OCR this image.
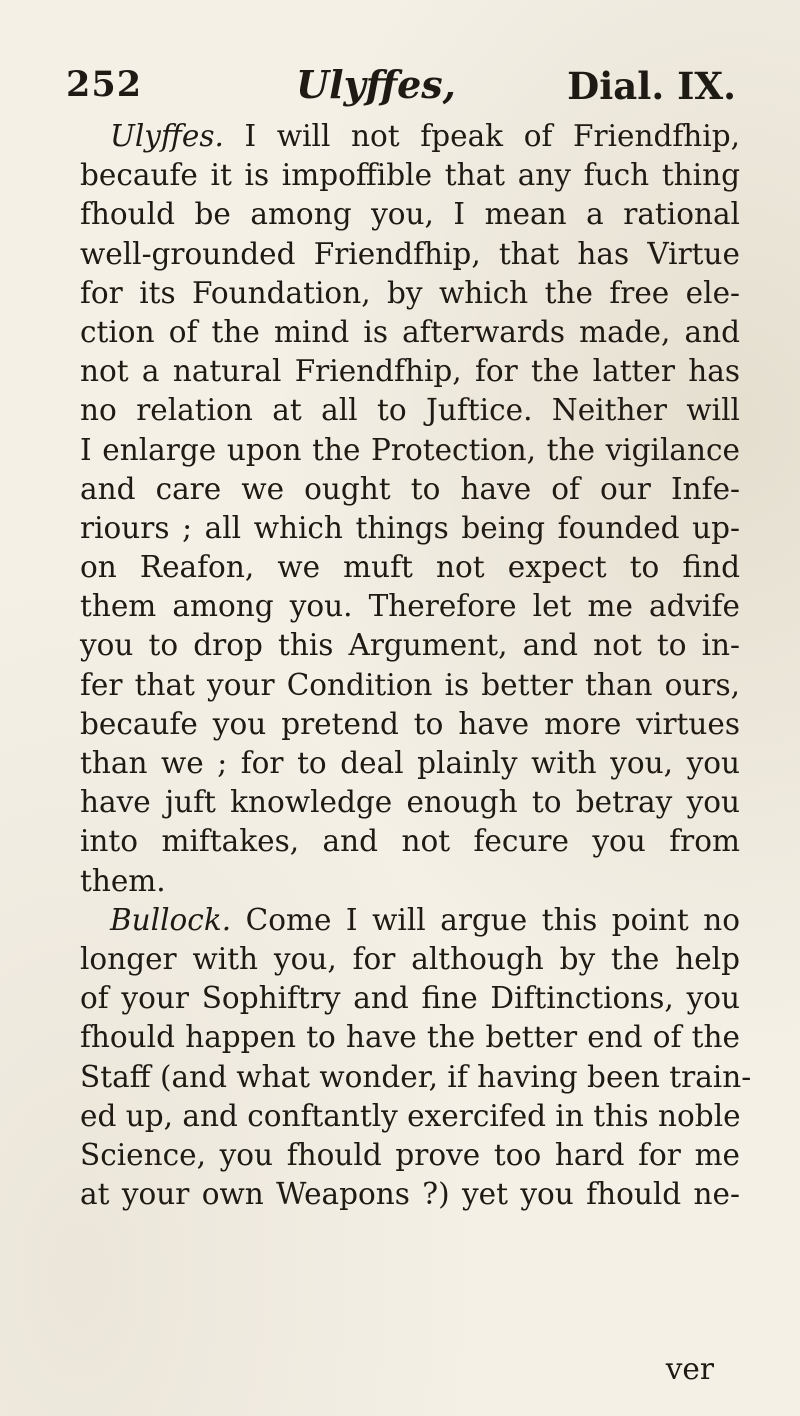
252	Ulyffes,	Dial. IX.
Ulyffes. I will not fpeak of Friendfhip,
becaufe it is impoffible that any fuch thing
fhould be among you, I mean a rational
well-grounded Friendfhip, that has Virtue
for its Foundation, by which the free ele-
ction of the mind is afterwards made, and
not a natural Friendfhip, for the latter has
no relation at all to Juftice. Neither will
I enlarge upon the Protection, the vigilance
and care we ought to have of our Infe-
riours ; all which things being founded up-
on Reafon, we muft not expect to find
them among you. Therefore let me advife
you to drop this Argument, and not to in-
fer that your Condition is better than ours,
becaufe you pretend to have more virtues
than we ; for to deal plainly with you, you
have juft knowledge enough to betray you
into miftakes, and not fecure you from
them.
Bullock. Come I will argue this point no
longer with you, for although by the help
of your Sophiftry and fine Diftinctions, you
fhould happen to have the better end of the
Staff (and what wonder, if having been train-
ed up, and conftantly exercifed in this noble
Science, you fhould prove too hard for me
at your own Weapons ?) yet you fhould ne-
ver
